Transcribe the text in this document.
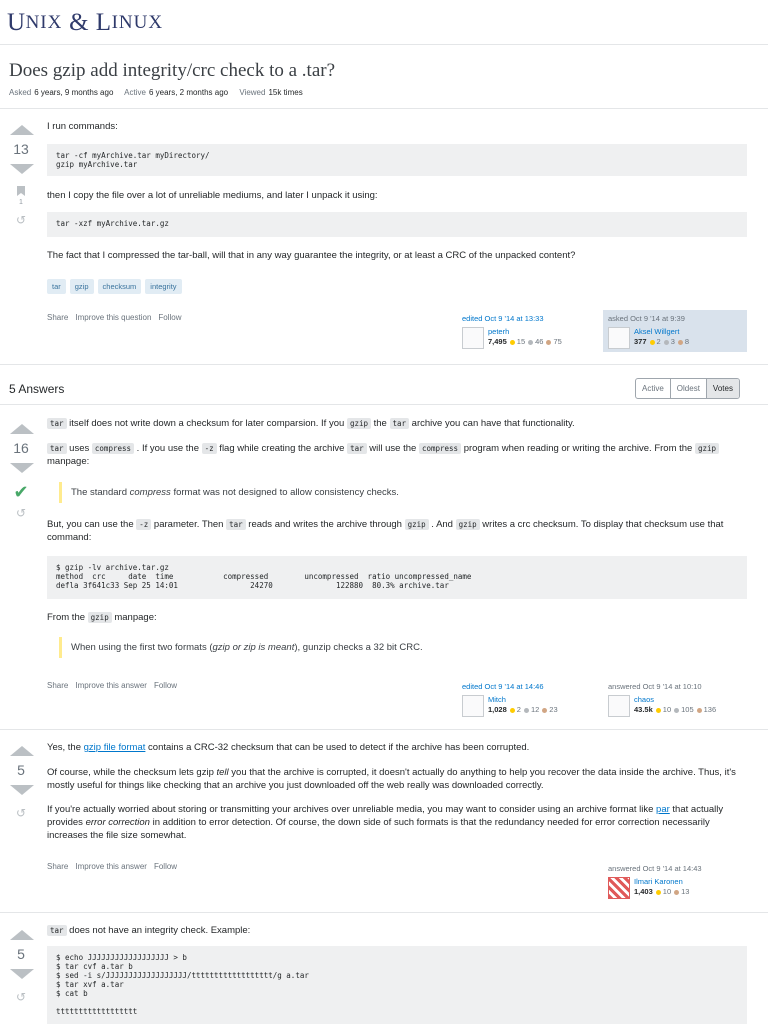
U NIX & L INUX
Does gzip add integrity/crc check to a .tar?
Asked 6 years, 9 months ago Active 6 years, 2 months ago Viewed 15k times
13
1
↺
I run commands:
tar -cf myArchive.tar myDirectory/
gzip myArchive.tar
then I copy the file over a lot of unreliable mediums, and later I unpack it using:
tar -xzf myArchive.tar.gz
The fact that I compressed the tar-ball, will that in any way guarantee the integrity, or at least a CRC of the unpacked content?
tar	gzip	checksum	integrity
Share Improve this question Follow	edited Oct 9 '14 at 13:33
peterh
7,495 15 46 75
asked Oct 9 '14 at 9:39
Aksel Willgert
377 2 3 8
5 Answers	Active	Oldest	Votes
16
✔
↺
tar itself does not write down a checksum for later comparsion. If you gzip the tar archive you can have that functionality.
tar uses compress . If you use the -z flag while creating the archive tar will use the compress program when reading or writing the archive. From the gzip manpage:
The standard compress format was not designed to allow consistency checks.
But, you can use the -z parameter. Then tar reads and writes the archive through gzip . And gzip writes a crc checksum. To display that checksum use that command:
$ gzip -lv archive.tar.gz
method  crc     date  time           compressed        uncompressed  ratio uncompressed_name
defla 3f641c33 Sep 25 14:01                24270              122880  80.3% archive.tar
From the gzip manpage:
When using the first two formats (gzip or zip is meant), gunzip checks a 32 bit CRC.
Share Improve this answer Follow	edited Oct 9 '14 at 14:46
Mitch
1,028 2 12 23
answered Oct 9 '14 at 10:10
chaos
43.5k 10 105 136
5
↺
Yes, the gzip file format contains a CRC-32 checksum that can be used to detect if the archive has been corrupted.
Of course, while the checksum lets gzip tell you that the archive is corrupted, it doesn't actually do anything to help you recover the data inside the archive. Thus, it's mostly useful for things like checking that an archive you just downloaded off the web really was downloaded correctly.
If you're actually worried about storing or transmitting your archives over unreliable media, you may want to consider using an archive format like par that actually provides error correction in addition to error detection. Of course, the down side of such formats is that the redundancy needed for error correction necessarily increases the file size somewhat.
Share Improve this answer Follow	answered Oct 9 '14 at 14:43
Ilmari Karonen
1,403 10 13
5
↺
tar does not have an integrity check. Example:
$ echo JJJJJJJJJJJJJJJJJJ > b
$ tar cvf a.tar b
$ sed -i s/JJJJJJJJJJJJJJJJJJ/tttttttttttttttttt/g a.tar
$ tar xvf a.tar
$ cat b

tttttttttttttttttt
